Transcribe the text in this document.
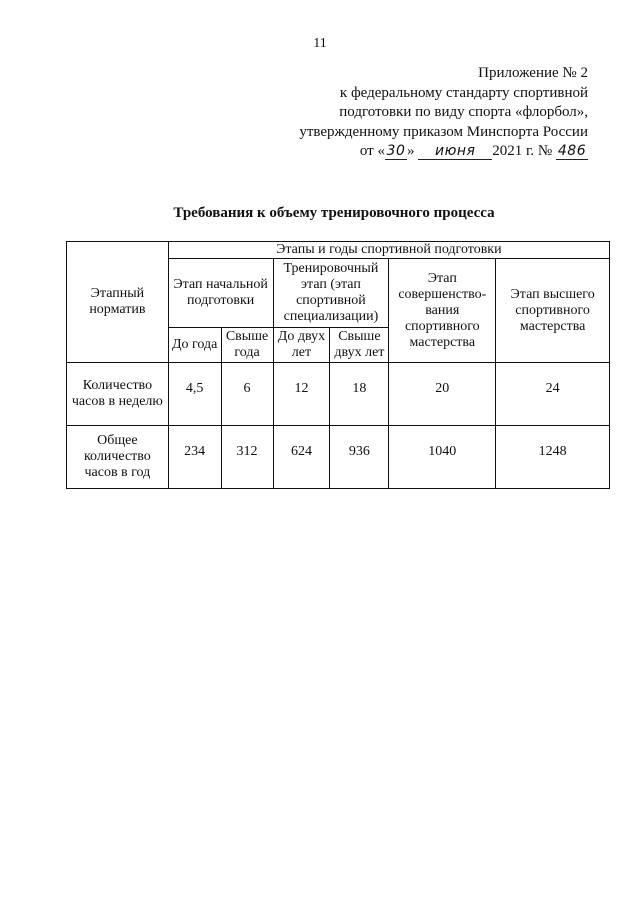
11
Приложение № 2
к федеральному стандарту спортивной
подготовки по виду спорта «флорбол»,
утвержденному приказом Минспорта России
от « 30 » июня 2021 г. № 486
Требования к объему тренировочного процесса
Этапный норматив	Этапы и годы спортивной подготовки					
	Этап начальной подготовки		Тренировочный этап (этап спортивной специализации)		Этап совершенство-вания спортивного мастерства	Этап высшего спортивного мастерства
	До года	Свыше года	До двух лет	Свыше двух лет		
Количество часов в неделю	4,5	6	12	18	20	24
Общее количество часов в год	234	312	624	936	1040	1248
